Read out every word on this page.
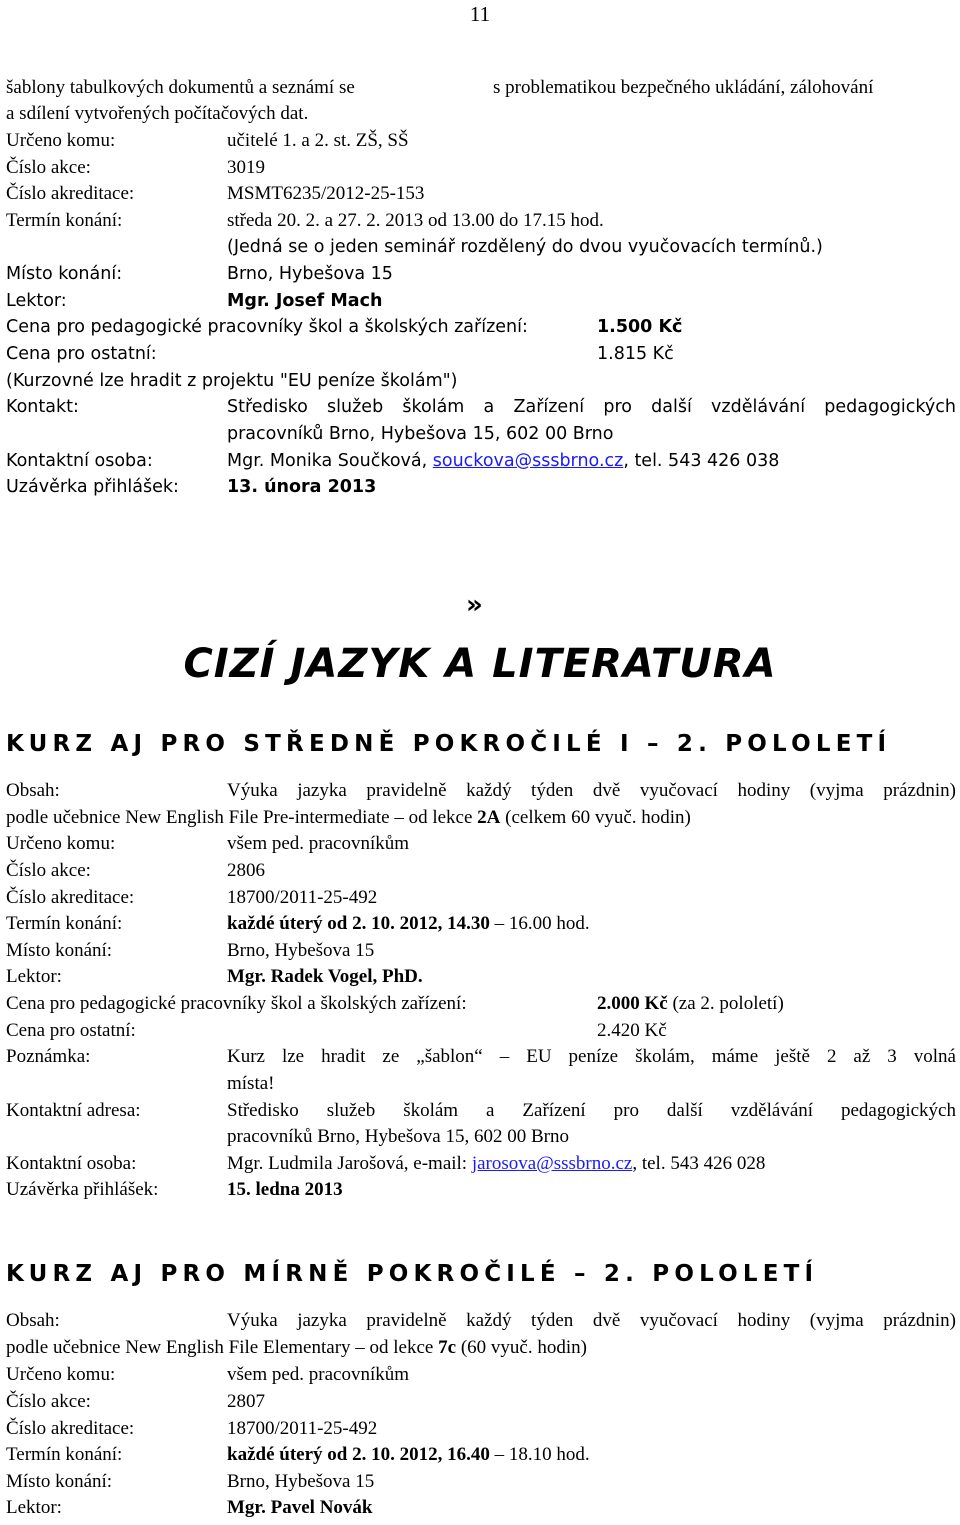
11
šablony tabulkových dokumentů a seznámí se	s problematikou bezpečného ukládání, zálohování
a sdílení vytvořených počítačových dat.
Určeno komu:	učitelé 1. a 2. st. ZŠ, SŠ
Číslo akce:	3019
Číslo akreditace:	MSMT6235/2012-25-153
Termín konání:	středa 20. 2. a 27. 2. 2013 od 13.00 do 17.15 hod.
(Jedná se o jeden seminář rozdělený do dvou vyučovacích termínů.)
Místo konání:	Brno, Hybešova 15
Lektor:	Mgr. Josef Mach
Cena pro pedagogické pracovníky škol a školských zařízení:	1.500 Kč
Cena pro ostatní:	1.815 Kč
(Kurzovné lze hradit z projektu "EU peníze školám")
Kontakt:	Středisko služeb školám a Zařízení pro další vzdělávání pedagogických
pracovníků Brno, Hybešova 15, 602 00 Brno
Kontaktní osoba:	Mgr. Monika Součková, souckova@sssbrno.cz, tel. 543 426 038
Uzávěrka přihlášek:	13. února 2013
»
CIZÍ JAZYK A LITERATURA
KURZ AJ PRO STŘEDNĚ POKROČILÉ I – 2. POLOLETÍ
Obsah:	Výuka jazyka pravidelně každý týden dvě vyučovací hodiny (vyjma prázdnin)
podle učebnice New English File Pre-intermediate – od lekce 2A (celkem 60 vyuč. hodin)
Určeno komu:	všem ped. pracovníkům
Číslo akce:	2806
Číslo akreditace:	18700/2011-25-492
Termín konání:	každé úterý od 2. 10. 2012, 14.30 – 16.00 hod.
Místo konání:	Brno, Hybešova 15
Lektor:	Mgr. Radek Vogel, PhD.
Cena pro pedagogické pracovníky škol a školských zařízení:	2.000 Kč (za 2. pololetí)
Cena pro ostatní:	2.420 Kč
Poznámka:	Kurz lze hradit ze „šablon“ – EU peníze školám, máme ještě 2 až 3 volná
místa!
Kontaktní adresa:	Středisko služeb školám a Zařízení pro další vzdělávání pedagogických
pracovníků Brno, Hybešova 15, 602 00 Brno
Kontaktní osoba:	Mgr. Ludmila Jarošová, e-mail: jarosova@sssbrno.cz, tel. 543 426 028
Uzávěrka přihlášek:	15. ledna 2013
KURZ AJ PRO MÍRNĚ POKROČILÉ – 2. POLOLETÍ
Obsah:	Výuka jazyka pravidelně každý týden dvě vyučovací hodiny (vyjma prázdnin)
podle učebnice New English File Elementary – od lekce 7c (60 vyuč. hodin)
Určeno komu:	všem ped. pracovníkům
Číslo akce:	2807
Číslo akreditace:	18700/2011-25-492
Termín konání:	každé úterý od 2. 10. 2012, 16.40 – 18.10 hod.
Místo konání:	Brno, Hybešova 15
Lektor:	Mgr. Pavel Novák
